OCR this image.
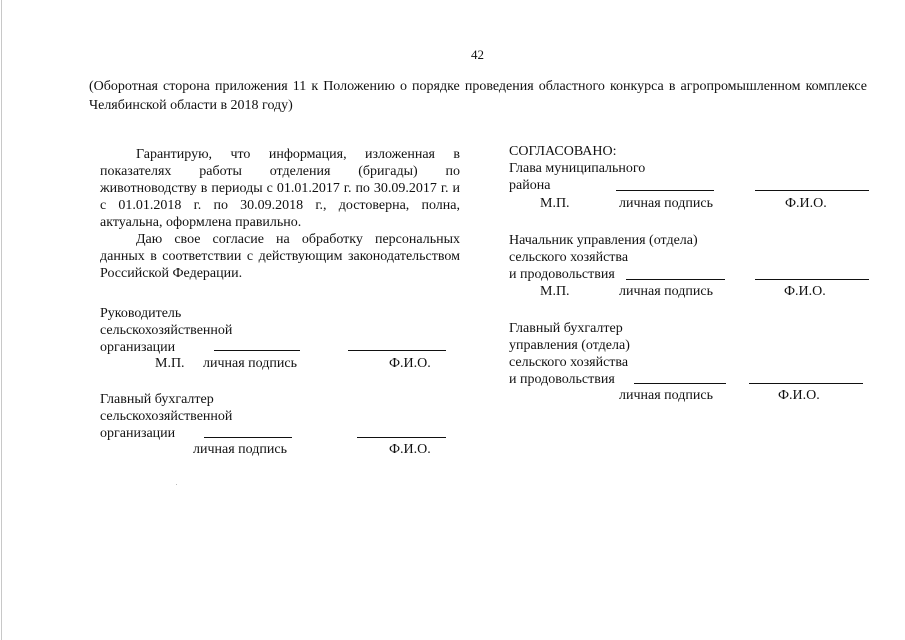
42
(Оборотная сторона приложения 11 к Положению о порядке проведения областного конкурса в агропромышленном комплексе Челябинской области в 2018 году)

Гарантирую, что информация, изложенная в показателях работы отделения (бригады) по животноводству в периоды с 01.01.2017 г. по 30.09.2017 г. и с 01.01.2018 г. по 30.09.2018 г., достоверна, полна, актуальна, оформлена правильно.

Даю свое согласие на обработку персональных данных в соответствии с действующим законодательством Российской Федерации.

Руководитель
сельскохозяйственной
организации
М.П. личная подпись	Ф.И.О.
Главный бухгалтер
сельскохозяйственной
организации
личная подпись	Ф.И.О.
СОГЛАСОВАНО:
Глава муниципального
района
М.П.	личная подпись	Ф.И.О.
Начальник управления (отдела)
сельского хозяйства
и продовольствия
М.П.	личная подпись	Ф.И.О.
Главный бухгалтер
управления (отдела)
сельского хозяйства
и продовольствия
личная подпись	Ф.И.О.
